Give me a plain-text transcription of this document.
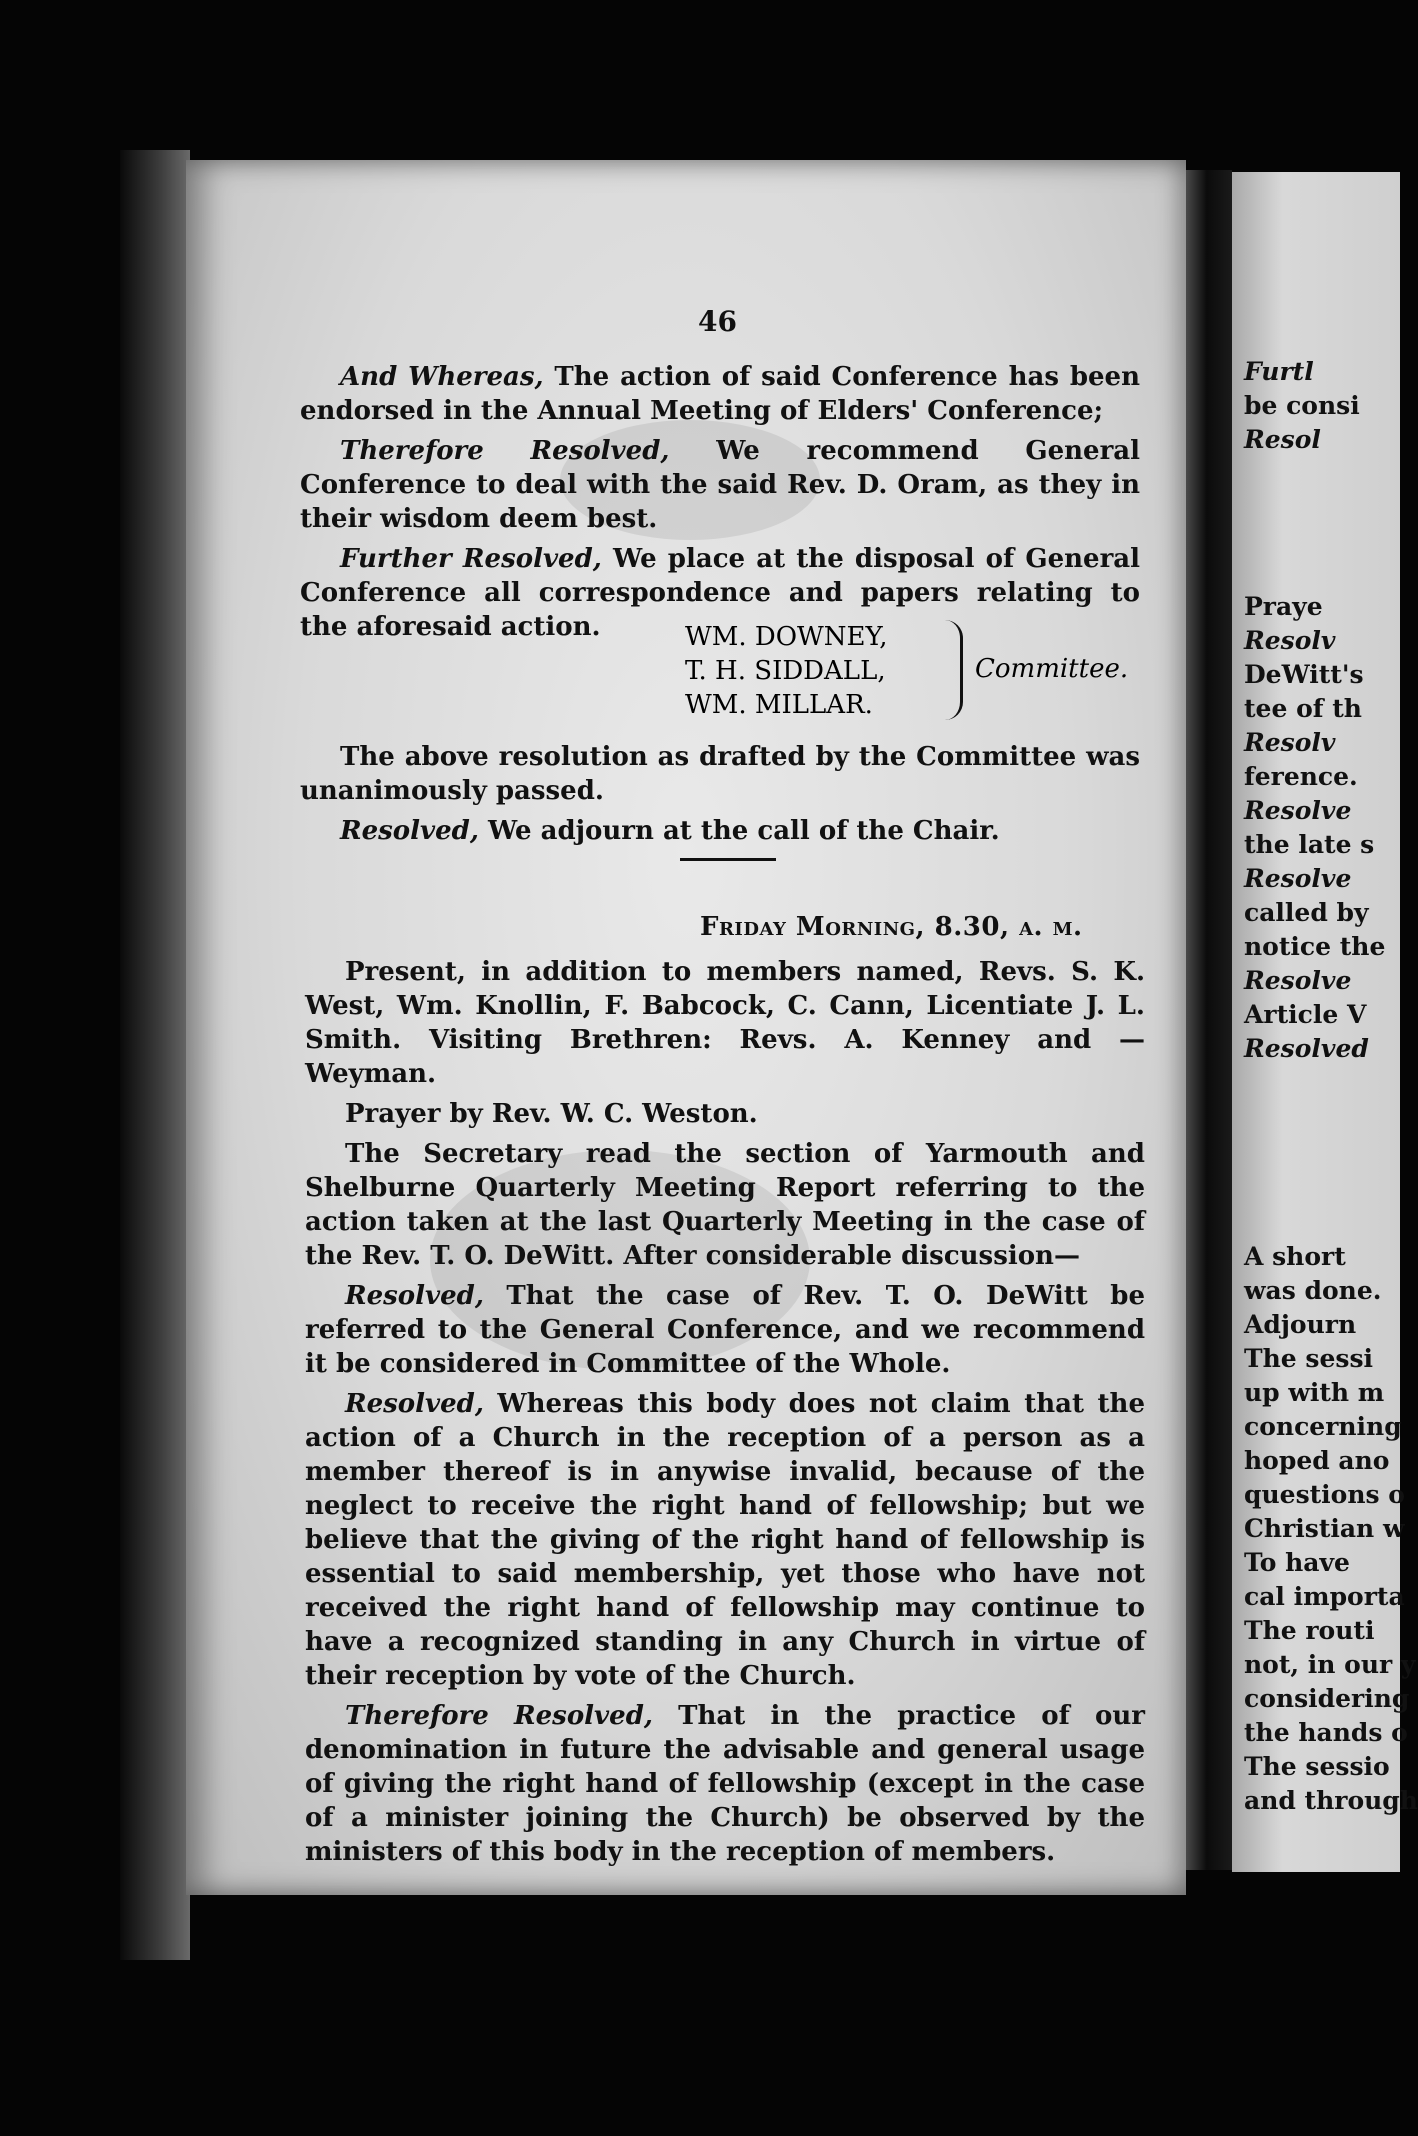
46
And Whereas, The action of said Conference has been endorsed in the Annual Meeting of Elders' Conference;
Therefore Resolved, We recommend General Conference to deal with the said Rev. D. Oram, as they in their wisdom deem best.
Further Resolved, We place at the disposal of General Conference all correspondence and papers relating to the aforesaid action.	WM. DOWNEY,
T. H. SIDDALL,
WM. MILLAR.
Committee.
The above resolution as drafted by the Committee was unanimously passed.
Resolved, We adjourn at the call of the Chair.
Friday Morning, 8.30, a. m.
Present, in addition to members named, Revs. S. K. West, Wm. Knollin, F. Babcock, C. Cann, Licentiate J. L. Smith. Visiting Brethren: Revs. A. Kenney and — Weyman.
Prayer by Rev. W. C. Weston.
The Secretary read the section of Yarmouth and Shelburne Quarterly Meeting Report referring to the action taken at the last Quarterly Meeting in the case of the Rev. T. O. DeWitt. After considerable discussion—
Resolved, That the case of Rev. T. O. DeWitt be referred to the General Conference, and we recommend it be considered in Committee of the Whole.
Resolved, Whereas this body does not claim that the action of a Church in the reception of a person as a member thereof is in anywise invalid, because of the neglect to receive the right hand of fellowship; but we believe that the giving of the right hand of fellowship is essential to said membership, yet those who have not received the right hand of fellowship may continue to have a recognized standing in any Church in virtue of their reception by vote of the Church.
Therefore Resolved, That in the practice of our denomination in future the advisable and general usage of giving the right hand of fellowship (except in the case of a minister joining the Church) be observed by the ministers of this body in the reception of members.
Furtl
be consi
Resol
Praye
Resolv
DeWitt's
tee of th
Resolv
ference.
Resolve
the late s
Resolve
called by
notice the
Resolve
Article V
Resolved
A short
was done.
Adjourn
The sessi
up with m
concerning
hoped ano
questions o
Christian w
To have
cal importa
The routi
not, in our y
considering
the hands o
The sessio
and through
